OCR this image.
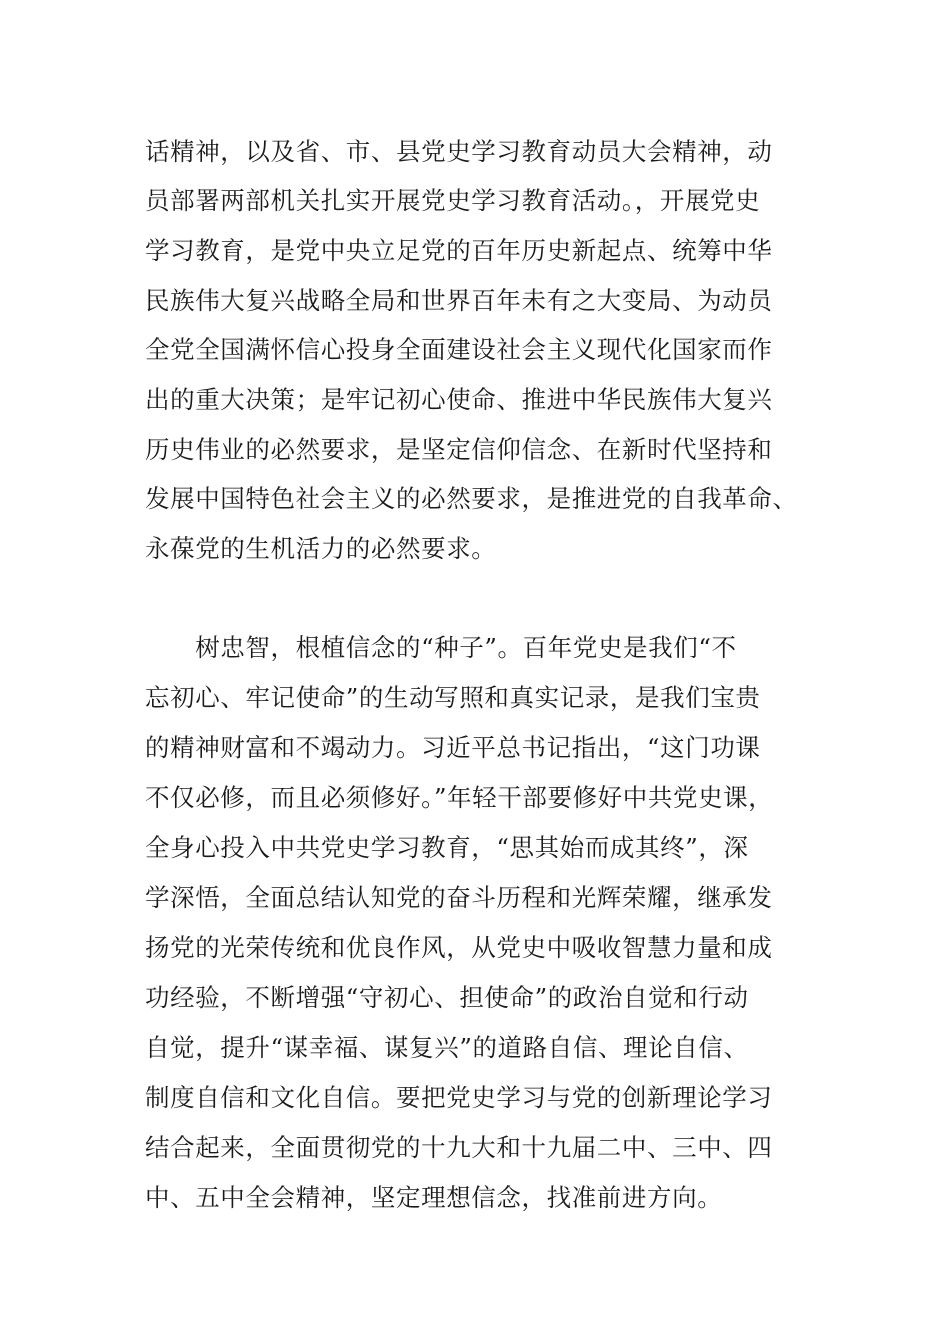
话精神，以及省、市、县党史学习教育动员大会精神，动
员部署两部机关扎实开展党史学习教育活动。，开展党史
学习教育，是党中央立足党的百年历史新起点、统筹中华
民族伟大复兴战略全局和世界百年未有之大变局、为动员
全党全国满怀信心投身全面建设社会主义现代化国家而作
出的重大决策；是牢记初心使命、推进中华民族伟大复兴
历史伟业的必然要求，是坚定信仰信念、在新时代坚持和
发展中国特色社会主义的必然要求，是推进党的自我革命、
永葆党的生机活力的必然要求。
　　树忠智，根植信念的“种子”。百年党史是我们“不
忘初心、牢记使命”的生动写照和真实记录，是我们宝贵
的精神财富和不竭动力。习近平总书记指出，“这门功课
不仅必修，而且必须修好。”年轻干部要修好中共党史课，
全身心投入中共党史学习教育，“思其始而成其终”，深
学深悟，全面总结认知党的奋斗历程和光辉荣耀，继承发
扬党的光荣传统和优良作风，从党史中吸收智慧力量和成
功经验，不断增强“守初心、担使命”的政治自觉和行动
自觉，提升“谋幸福、谋复兴”的道路自信、理论自信、
制度自信和文化自信。要把党史学习与党的创新理论学习
结合起来，全面贯彻党的十九大和十九届二中、三中、四
中、五中全会精神，坚定理想信念，找准前进方向。
